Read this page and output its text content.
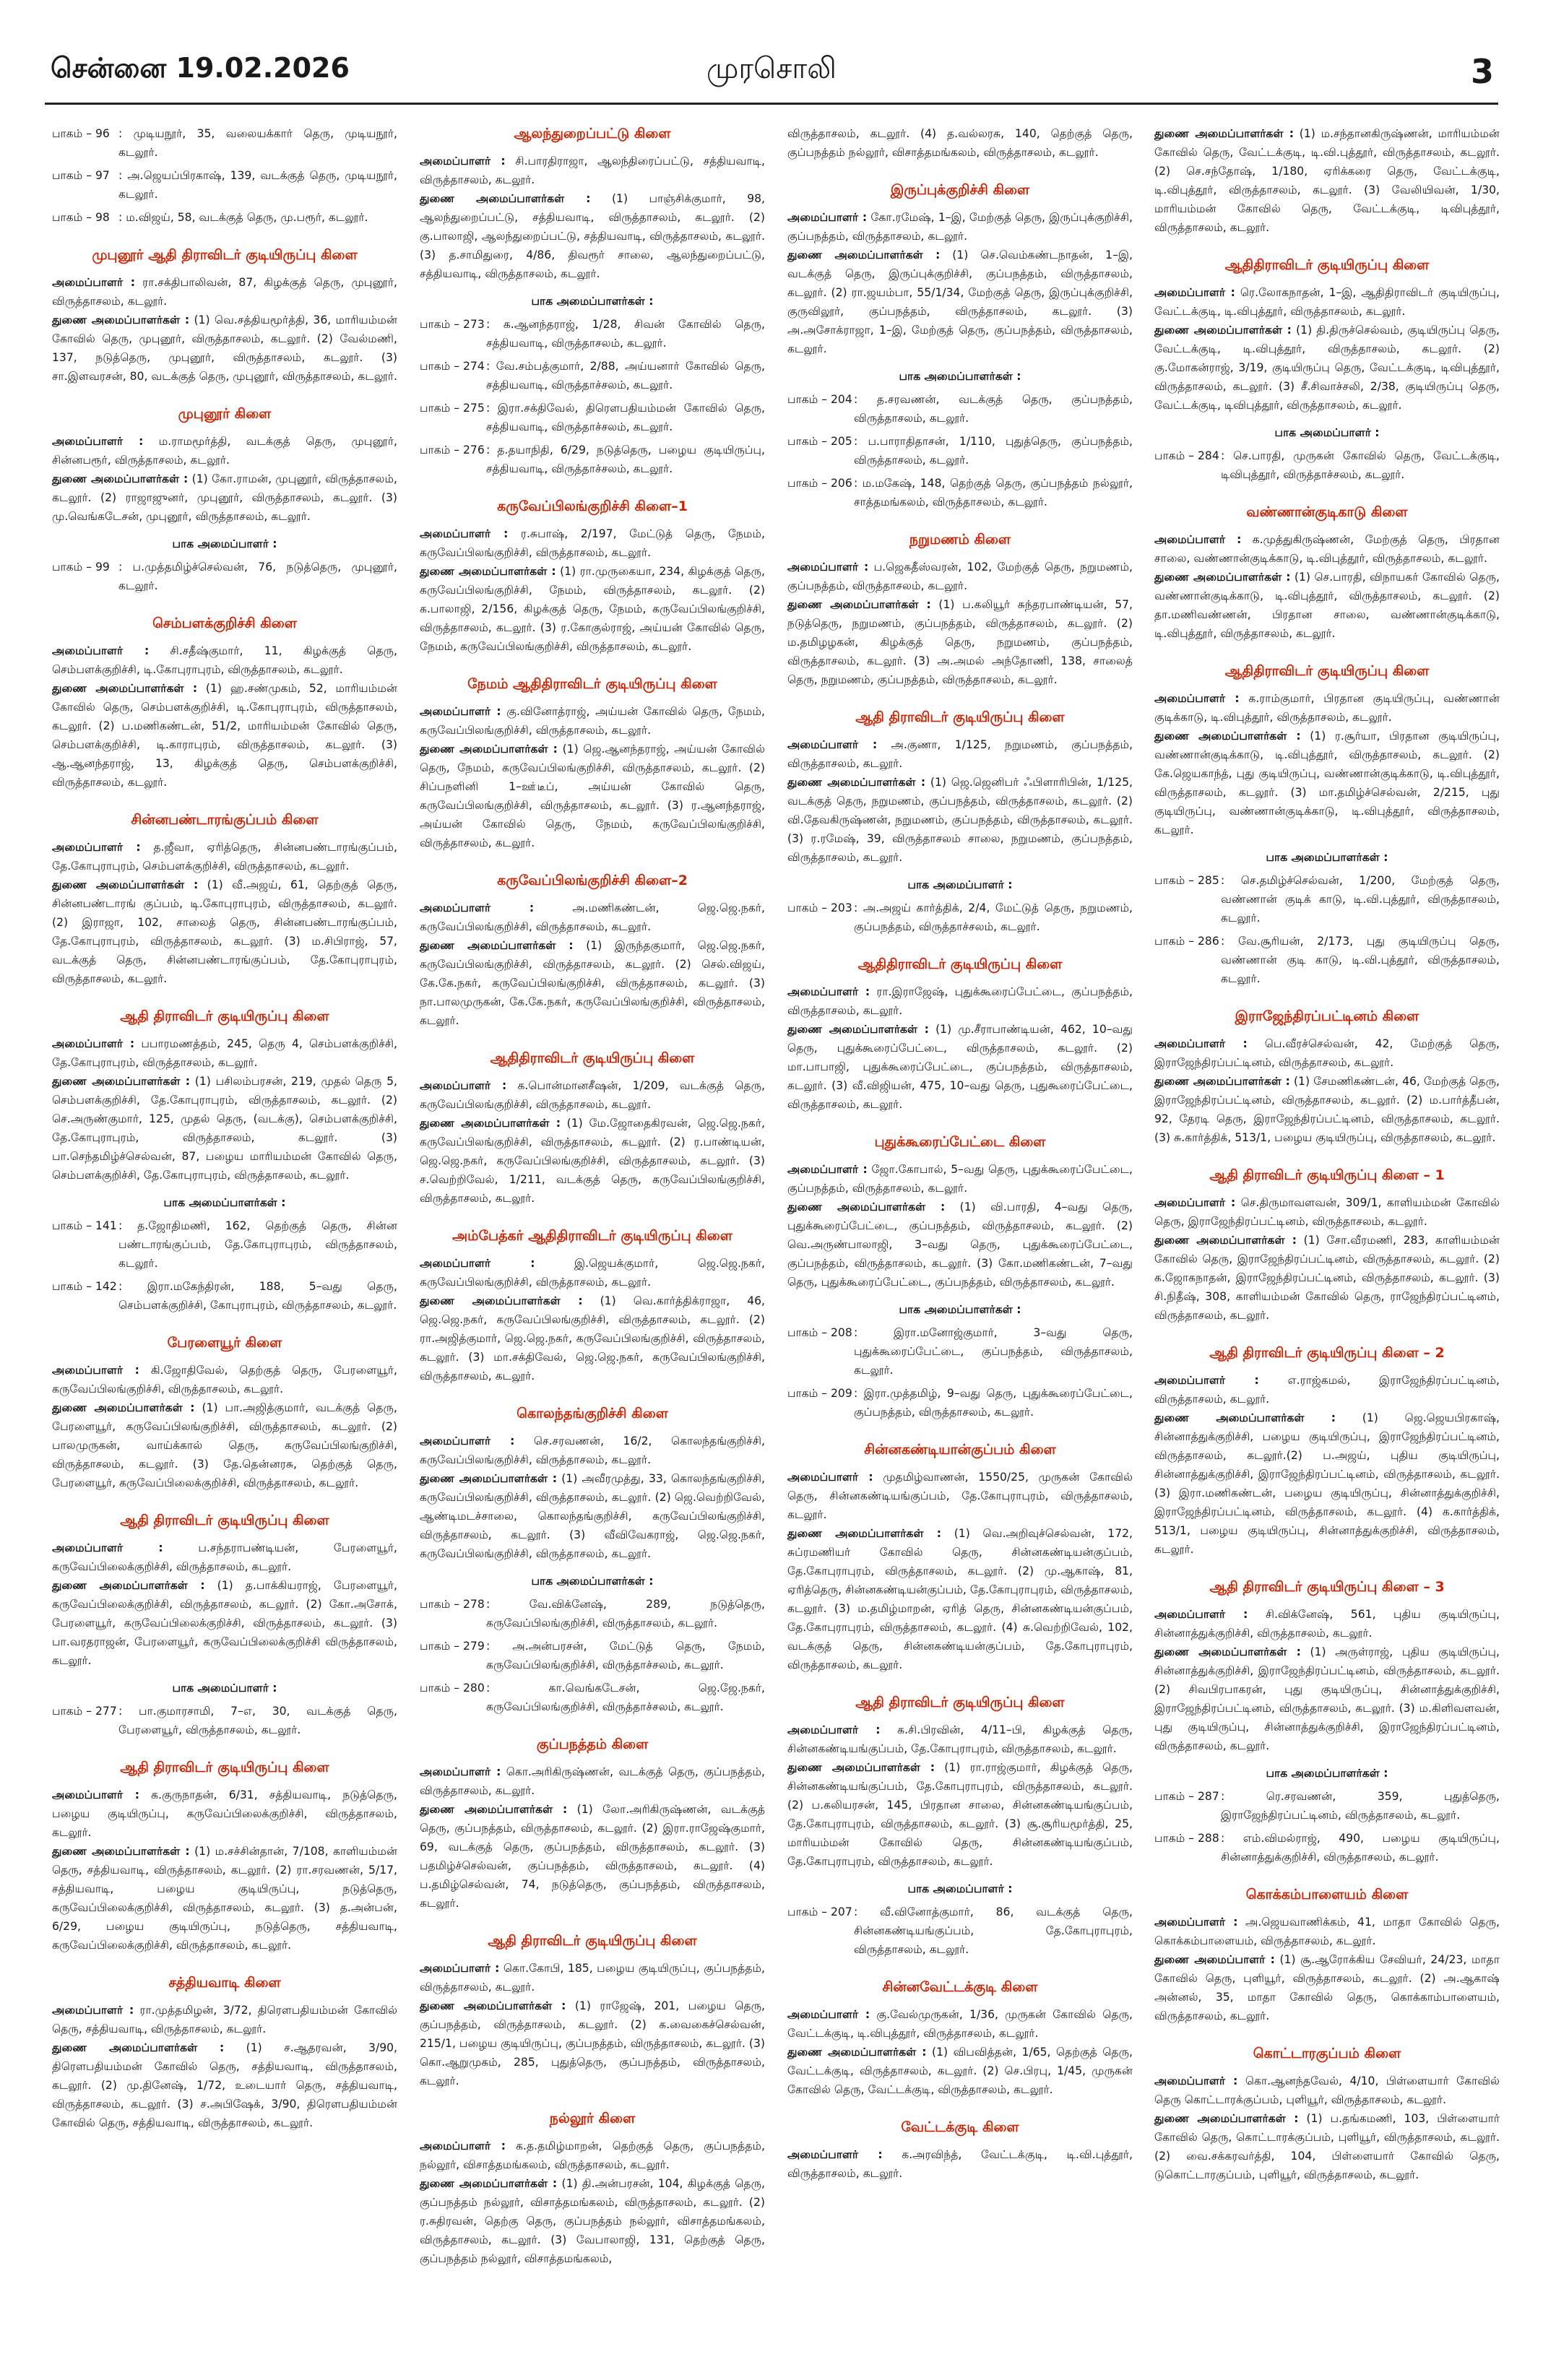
சென்னை 19.02.2026	முரசொலி	3
பாகம் – 96 : முடியநூர், 35, வலையக்கார் தெரு, முடியநூர், கடலூர்.
பாகம் – 97 : அ.ஜெயப்பிரகாஷ், 139, வடக்குத் தெரு, முடியநூர், கடலூர்.
பாகம் – 98 : ம.விஜய், 58, வடக்குத் தெரு, மு.பரூர், கடலூர்.
முபுனூர் ஆதி திராவிடர் குடியிருப்பு கிளை

அமைப்பாளர் : ரா.சக்திபாலிவன், 87, கிழக்குத் தெரு, முபுனூர், விருத்தாசலம், கடலூர்.

துணை அமைப்பாளர்கள் : (1) வெ.சத்தியமூர்த்தி, 36, மாரியம்மன் கோவில் தெரு, முபுனூர், விருத்தாசலம், கடலூர். (2) வேல்மணி, 137, நடுத்தெரு, முபுனூர், விருத்தாசலம், கடலூர். (3) சா.இளவரசன், 80, வடக்குத் தெரு, முபுனூர், விருத்தாசலம், கடலூர்.

முபுனூர் கிளை

அமைப்பாளர் : ம.ராமமூர்த்தி, வடக்குத் தெரு, முபுனூர், சின்னபரூர், விருத்தாசலம், கடலூர்.

துணை அமைப்பாளர்கள் : (1) கோ.ராமன், முபுனூர், விருத்தாசலம், கடலூர். (2) ராஜாஜுனர், முபுனூர், விருத்தாசலம், கடலூர். (3) மு.வெங்கடேசன், முபுனூர், விருத்தாசலம், கடலூர்.

பாக அமைப்பாளர் :
பாகம் – 99 : ப.முத்தமிழ்ச்செல்வன், 76, நடுத்தெரு, முபுனூர், கடலூர்.
செம்பளக்குறிச்சி கிளை

அமைப்பாளர் : சி.சதீஷ்குமார், 11, கிழக்குத் தெரு, செம்பளக்குறிச்சி, டி.கோபுராபுரம், விருத்தாசலம், கடலூர்.

துணை அமைப்பாளர்கள் : (1) ஹ.சண்முகம், 52, மாரியம்மன் கோவில் தெரு, செம்பளக்குறிச்சி, டி.கோபுராபுரம், விருத்தாசலம், கடலூர். (2) ப.மணிகண்டன், 51/2, மாரியம்மன் கோவில் தெரு, செம்பளக்குறிச்சி, டி.காராபுரம், விருத்தாசலம், கடலூர். (3) ஆ.ஆனந்தராஜ், 13, கிழக்குத் தெரு, செம்பளக்குறிச்சி, விருத்தாசலம், கடலூர்.

சின்னபண்டாரங்குப்பம் கிளை

அமைப்பாளர் : த.ஜீவா, ஏரித்தெரு, சின்னபண்டாரங்குப்பம், தே.கோபுராபுரம், செம்பளக்குறிச்சி, விருத்தாசலம், கடலூர்.

துணை அமைப்பாளர்கள் : (1) வீ.அஜய், 61, தெற்குத் தெரு, சின்னபண்டாரங் குப்பம், டி.கோபுராபுரம், விருத்தாசலம், கடலூர். (2) இராஜா, 102, சாலைத் தெரு, சின்னபண்டாரங்குப்பம், தே.கோபுராபுரம், விருத்தாசலம், கடலூர். (3) ம.சிபிராஜ், 57, வடக்குத் தெரு, சின்னபண்டாரங்குப்பம், தே.கோபுராபுரம், விருத்தாசலம், கடலூர்.

ஆதி திராவிடர் குடியிருப்பு கிளை

அமைப்பாளர் : பபாரமணத்தம், 245, தெரு 4, செம்பளக்குறிச்சி, தே.கோபுராபுரம், விருத்தாசலம், கடலூர்.

துணை அமைப்பாளர்கள் : (1) பசிலம்பரசன், 219, முதல் தெரு 5, செம்பளக்குறிச்சி, தே.கோபுராபுரம், விருத்தாசலம், கடலூர். (2) செ.அருண்குமார், 125, முதல் தெரு, (வடக்கு), செம்பளக்குறிச்சி, தே.கோபுராபுரம், விருத்தாசலம், கடலூர். (3) பா.செந்தமிழ்ச்செல்வன், 87, பழைய மாரியம்மன் கோவில் தெரு, செம்பளக்குறிச்சி, தே.கோபுராபுரம், விருத்தாசலம், கடலூர்.

பாக அமைப்பாளர்கள் :
பாகம் – 141 : த.ஜோதிமணி, 162, தெற்குத் தெரு, சின்ன பண்டாரங்குப்பம், தே.கோபுராபுரம், விருத்தாசலம், கடலூர்.
பாகம் – 142 : இரா.மகேந்திரன், 188, 5–வது தெரு, செம்பளக்குறிச்சி, கோபுராபுரம், விருத்தாசலம், கடலூர்.
பேரளையூர் கிளை

அமைப்பாளர் : கி.ஜோதிவேல், தெற்குத் தெரு, பேரளையூர், கருவேப்பிலங்குறிச்சி, விருத்தாசலம், கடலூர்.

துணை அமைப்பாளர்கள் : (1) பா.அஜித்குமார், வடக்குத் தெரு, பேரளையூர், கருவேப்பிலங்குறிச்சி, விருத்தாசலம், கடலூர். (2) பாலமுருகன், வாய்க்கால் தெரு, கருவேப்பிலங்குறிச்சி, விருத்தாசலம், கடலூர். (3) தே.தென்னரசு, தெற்குத் தெரு, பேரளையூர், கருவேப்பிலைக்குறிச்சி, விருத்தாசலம், கடலூர்.

ஆதி திராவிடர் குடியிருப்பு கிளை

அமைப்பாளர் :	ப.சந்தராபண்டியன், பேரளையூர், கருவேப்பிலைக்குறிச்சி, விருத்தாசலம், கடலூர்.

துணை அமைப்பாளர்கள் : (1) த.பாக்கியராஜ், பேரளையூர், கருவேப்பிலைக்குறிச்சி, விருத்தாசலம், கடலூர். (2) கோ.அசோக், பேரளையூர், கருவேப்பிலைக்குறிச்சி, விருத்தாசலம், கடலூர். (3) பா.வரதராஜன், பேரளையூர், கருவேப்பிலைக்குறிச்சி விருத்தாசலம், கடலூர்.

பாக அமைப்பாளர் :
பாகம் – 277 : பா.குமாரசாமி, 7–எ, 30, வடக்குத் தெரு, பேரளையூர், விருத்தாசலம், கடலூர்.
ஆதி திராவிடர் குடியிருப்பு கிளை

அமைப்பாளர் : க.குருநாதன், 6/31, சத்தியவாடி, நடுத்தெரு, பழைய குடியிருப்பு, கருவேப்பிலைக்குறிச்சி, விருத்தாசலம், கடலூர்.

துணை அமைப்பாளர்கள் : (1) ம.சச்சின்தான், 7/108, காளியம்மன் தெரு, சத்தியவாடி, விருத்தாசலம், கடலூர். (2) ரா.சரவணன், 5/17, சத்தியவாடி, பழைய குடியிருப்பு, நடுத்தெரு, கருவேப்பிலைக்குறிச்சி, விருத்தாசலம், கடலூர். (3) த.அன்பன், 6/29, பழைய குடியிருப்பு, நடுத்தெரு, சத்தியவாடி, கருவேப்பிலைக்குறிச்சி, விருத்தாசலம், கடலூர்.

சத்தியவாடி கிளை

அமைப்பாளர் : ரா.முத்தமிழன், 3/72, திரௌபதியம்மன் கோவில் தெரு, சத்தியவாடி, விருத்தாசலம், கடலூர்.

துணை அமைப்பாளர்கள் : (1) ச.ஆதரவன், 3/90, திரௌபதியம்மன் கோவில் தெரு, சத்தியவாடி, விருத்தாசலம், கடலூர். (2) மு.தினேஷ், 1/72, உடையார் தெரு, சத்தியவாடி, விருத்தாசலம், கடலூர். (3) ச.அபிஷேக், 3/90, திரௌபதியம்மன் கோவில் தெரு, சத்தியவாடி, விருத்தாசலம், கடலூர்.

ஆலந்துறைப்பட்டு கிளை

அமைப்பாளர் : சி.பாரதிராஜா, ஆலந்திரைப்பட்டு, சத்தியவாடி, விருத்தாசலம், கடலூர்.

துணை அமைப்பாளர்கள் : (1) பாஞ்சிக்குமார், 98, ஆலந்துறைப்பட்டு, சத்தியவாடி, விருத்தாசலம், கடலூர். (2) கு.பாலாஜி, ஆலந்துறைப்பட்டு, சத்தியவாடி, விருத்தாசலம், கடலூர். (3) த.சாமிதுரை, 4/86, திவரூர் சாலை, ஆலந்துறைப்பட்டு, சத்தியவாடி, விருத்தாசலம், கடலூர்.

பாக அமைப்பாளர்கள் :
பாகம் – 273 : க.ஆனந்தராஜ், 1/28, சிவன் கோவில் தெரு, சத்தியவாடி, விருத்தாசலம், கடலூர்.
பாகம் – 274 : வே.சம்பத்குமார், 2/88, அய்யனார் கோவில் தெரு, சத்தியவாடி, விருத்தாச்சலம், கடலூர்.
பாகம் – 275 : இரா.சக்திவேல், திரௌபதியம்மன் கோவில் தெரு, சத்தியவாடி, விருத்தாச்சலம், கடலூர்.
பாகம் – 276 : த.தயாநிதி, 6/29, நடுத்தெரு, பழைய குடியிருப்பு, சத்தியவாடி, விருத்தாச்சலம், கடலூர்.
கருவேப்பிலங்குறிச்சி கிளை–1

அமைப்பாளர் : ர.சுபாஷ், 2/197, மேட்டுத் தெரு, நேமம், கருவேப்பிலங்குறிச்சி, விருத்தாசலம், கடலூர்.

துணை அமைப்பாளர்கள் : (1) ரா.முருகையா, 234, கிழக்குத் தெரு, கருவேப்பிலங்குறிச்சி, நேமம், விருத்தாசலம், கடலூர். (2) க.பாலாஜி, 2/156, கிழக்குத் தெரு, நேமம், கருவேப்பிலங்குறிச்சி, விருத்தாசலம், கடலூர். (3) ர.கோகுல்ராஜ், அய்யன் கோவில் தெரு, நேமம், கருவேப்பிலங்குறிச்சி, விருத்தாசலம், கடலூர்.

நேமம் ஆதிதிராவிடர் குடியிருப்பு கிளை

அமைப்பாளர் : கு.வினோத்ராஜ், அய்யன் கோவில் தெரு, நேமம், கருவேப்பிலங்குறிச்சி, விருத்தாசலம், கடலூர்.

துணை அமைப்பாளர்கள் : (1) ஜெ.ஆனந்தராஜ், அய்யன் கோவில் தெரு, நேமம், கருவேப்பிலங்குறிச்சி, விருத்தாசலம், கடலூர். (2) சிப்பநளினி 1–ஊ்டீப், அய்யன் கோவில் தெரு, கருவேப்பிலங்குறிச்சி, விருத்தாசலம், கடலூர். (3) ர.ஆனந்தராஜ், அய்யன் கோவில் தெரு, நேமம், கருவேப்பிலங்குறிச்சி, விருத்தாசலம், கடலூர்.

கருவேப்பிலங்குறிச்சி கிளை–2

அமைப்பாளர் :	அ.மணிகண்டன், ஜெ.ஜெ.நகர், கருவேப்பிலங்குறிச்சி, விருத்தாசலம், கடலூர்.

துணை அமைப்பாளர்கள் : (1) இருந்தகுமார், ஜெ.ஜெ.நகர், கருவேப்பிலங்குறிச்சி, விருத்தாசலம், கடலூர். (2) செல்.விஜய், கே.கே.நகர், கருவேப்பிலங்குறிச்சி, விருத்தாசலம், கடலூர். (3) நா.பாலமுருகன், கே.கே.நகர், கருவேப்பிலங்குறிச்சி, விருத்தாசலம், கடலூர்.

ஆதிதிராவிடர் குடியிருப்பு கிளை

அமைப்பாளர் : க.பொன்மானசீஷன், 1/209, வடக்குத் தெரு, கருவேப்பிலங்குறிச்சி, விருத்தாசலம், கடலூர்.

துணை அமைப்பாளர்கள் : (1) மே.ஜோதைகிரவன், ஜெ.ஜெ.நகர், கருவேப்பிலங்குறிச்சி, விருத்தாசலம், கடலூர். (2) ர.பாண்டியன், ஜெ.ஜெ.நகர், கருவேப்பிலங்குறிச்சி, விருத்தாசலம், கடலூர். (3) ச.வெற்றிவேல், 1/211, வடக்குத் தெரு, கருவேப்பிலங்குறிச்சி, விருத்தாசலம், கடலூர்.

அம்பேத்கர் ஆதிதிராவிடர் குடியிருப்பு கிளை

அமைப்பாளர் :	இ.ஜெயக்குமார், ஜெ.ஜெ.நகர், கருவேப்பிலங்குறிச்சி, விருத்தாசலம், கடலூர்.

துணை அமைப்பாளர்கள் : (1) வெ.கார்த்திக்ராஜா, 46, ஜெ.ஜெ.நகர், கருவேப்பிலங்குறிச்சி, விருத்தாசலம், கடலூர். (2) ரா.அஜித்குமார், ஜெ.ஜெ.நகர், கருவேப்பிலங்குறிச்சி, விருத்தாசலம், கடலூர். (3) மா.சக்திவேல், ஜெ.ஜெ.நகர், கருவேப்பிலங்குறிச்சி, விருத்தாசலம், கடலூர்.

கொலந்தங்குறிச்சி கிளை

அமைப்பாளர் : செ.சரவணன், 16/2, கொலந்தங்குறிச்சி, கருவேப்பிலங்குறிச்சி, விருத்தாசலம், கடலூர்.

துணை அமைப்பாளர்கள் : (1) அவீரமுத்து, 33, கொலந்தங்குறிச்சி, கருவேப்பிலங்குறிச்சி, விருத்தாசலம், கடலூர். (2) ஜெ.வெற்றிவேல், ஆண்டிமடச்சாலை, கொலந்தங்குறிச்சி, கருவேப்பிலங்குறிச்சி, விருத்தாசலம், கடலூர். (3) வீவிவேகராஜ், ஜெ.ஜெ.நகர், கருவேப்பிலங்குறிச்சி, விருத்தாசலம், கடலூர்.

பாக அமைப்பாளர்கள் :
பாகம் – 278 : வே.விக்னேஷ், 289, நடுத்தெரு, கருவேப்பிலங்குறிச்சி, விருத்தாசலம், கடலூர்.
பாகம் – 279 : அ.அன்பரசன், மேட்டுத் தெரு, நேமம், கருவேப்பிலங்குறிச்சி, விருத்தாச்சலம், கடலூர்.
பாகம் – 280 : கா.வெங்கடேசன், ஜெ.ஜே.நகர், கருவேப்பிலங்குறிச்சி, விருத்தாச்சலம், கடலூர்.
குப்பநத்தம் கிளை

அமைப்பாளர் : கொ.அரிகிருஷ்ணன், வடக்குத் தெரு, குப்பநத்தம், விருத்தாசலம், கடலூர்.

துணை அமைப்பாளர்கள் : (1) லோ.அரிகிருஷ்ணன், வடக்குத் தெரு, குப்பநத்தம், விருத்தாசலம், கடலூர். (2) இரா.ராஜேஷ்குமார், 69, வடக்குத் தெரு, குப்பநத்தம், விருத்தாசலம், கடலூர். (3) பதமிழ்ச்செல்வன், குப்பநத்தம், விருத்தாசலம், கடலூர். (4) ப.தமிழ்செல்வன், 74, நடுத்தெரு, குப்பநத்தம், விருத்தாசலம், கடலூர்.

ஆதி திராவிடர் குடியிருப்பு கிளை

அமைப்பாளர் : கொ.கோபி, 185, பழைய குடியிருப்பு, குப்பநத்தம், விருத்தாசலம், கடலூர்.

துணை அமைப்பாளர்கள் : (1) ராஜேஷ், 201, பழைய தெரு, குப்பநத்தம், விருத்தாசலம், கடலூர். (2) க.வைகைச்செல்வன், 215/1, பழைய குடியிருப்பு, குப்பநத்தம், விருத்தாசலம், கடலூர். (3) கொ.ஆறுமுகம், 285, புதுத்தெரு, குப்பநத்தம், விருத்தாசலம், கடலூர்.

நல்லூர் கிளை

அமைப்பாளர் : க.த.தமிழ்மாறன், தெற்குத் தெரு, குப்பநத்தம், நல்லூர், விசாத்தமங்கலம், விருத்தாசலம், கடலூர்.

துணை அமைப்பாளர்கள் : (1) தி.அன்பரசன், 104, கிழக்குத் தெரு, குப்பநத்தம் நல்லூர், விசாத்தமங்கலம், விருத்தாசலம், கடலூர். (2) ர.சுதிரவன், தெற்கு தெரு, குப்பநத்தம் நல்லூர், விசாத்தமங்கலம், விருத்தாசலம், கடலூர். (3) வேபாலாஜி, 131, தெற்குத் தெரு, குப்பநத்தம் நல்லூர், விசாத்தமங்கலம்,

விருத்தாசலம், கடலூர். (4) த.வல்லரசு, 140, தெற்குத் தெரு, குப்பநத்தம் நல்லூர், விசாத்தமங்கலம், விருத்தாசலம், கடலூர்.

இருப்புக்குறிச்சி கிளை

அமைப்பாளர் : கோ.ரமேஷ், 1–இ, மேற்குத் தெரு, இருப்புக்குறிச்சி, குப்பநத்தம், விருத்தாசலம், கடலூர்.

துணை அமைப்பாளர்கள் : (1) செ.வெம்கண்டநாதன், 1–இ, வடக்குத் தெரு, இருப்புக்குறிச்சி, குப்பநத்தம், விருத்தாசலம், கடலூர். (2) ரா.ஜயம்பா, 55/1/34, மேற்குத் தெரு, இருப்புக்குறிச்சி, குருவிலூர், குப்பநத்தம், விருத்தாசலம், கடலூர். (3) அ.அசோக்ராஜா, 1–இ, மேற்குத் தெரு, குப்பநத்தம், விருத்தாசலம், கடலூர்.

பாக அமைப்பாளர்கள் :
பாகம் – 204 : த.சரவணன், வடக்குத் தெரு, குப்பநத்தம், விருத்தாசலம், கடலூர்.
பாகம் – 205 : ப.பாராதிதாசன், 1/110, புதுத்தெரு, குப்பநத்தம், விருத்தாசலம், கடலூர்.
பாகம் – 206 : ம.மகேஷ், 148, தெற்குத் தெரு, குப்பநத்தம் நல்லூர், சாத்தமங்கலம், விருத்தாசலம், கடலூர்.
நறுமணம் கிளை

அமைப்பாளர் : ப.ஜெகதீஸ்வரன், 102, மேற்குத் தெரு, நறுமணம், குப்பநத்தம், விருத்தாசலம், கடலூர்.

துணை அமைப்பாளர்கள் : (1) ப.கலியூர் சுந்தரபாண்டியன், 57, நடுத்தெரு, நறுமணம், குப்பநத்தம், விருத்தாசலம், கடலூர். (2) ம.தமிழழகன், கிழக்குத் தெரு, நறுமணம், குப்பநத்தம், விருத்தாசலம், கடலூர். (3) அ.அமல் அந்தோணி, 138, சாலைத் தெரு, நறுமணம், குப்பநத்தம், விருத்தாசலம், கடலூர்.

ஆதி திராவிடர் குடியிருப்பு கிளை

அமைப்பாளர் : அ.குணா, 1/125, நறுமணம், குப்பநத்தம், விருத்தாசலம், கடலூர்.

துணை அமைப்பாளர்கள் : (1) ஜெ.ஜெனிபர் ஃபிளாரிபின், 1/125, வடக்குத் தெரு, நறுமணம், குப்பநத்தம், விருத்தாசலம், கடலூர். (2) வி.தேவகிருஷ்ணன், நறுமணம், குப்பநத்தம், விருத்தாசலம், கடலூர். (3) ர.ரமேஷ், 39, விருத்தாசலம் சாலை, நறுமணம், குப்பநத்தம், விருத்தாசலம், கடலூர்.

பாக அமைப்பாளர் :
பாகம் – 203 : அ.அஜய் கார்த்திக், 2/4, மேட்டுத் தெரு, நறுமணம், குப்பநத்தம், விருத்தாச்சலம், கடலூர்.
ஆதிதிராவிடர் குடியிருப்பு கிளை

அமைப்பாளர் : ரா.இராஜேஷ், புதுக்கூரைப்பேட்டை, குப்பநத்தம், விருத்தாசலம், கடலூர்.

துணை அமைப்பாளர்கள் : (1) மு.சீராபாண்டியன், 462, 10–வது தெரு, புதுக்கூரைப்பேட்டை, விருத்தாசலம், கடலூர். (2) மா.பாபாஜி, புதுக்கூரைப்பேட்டை, குப்பநத்தம், விருத்தாசலம், கடலூர். (3) வீ.விஜியன், 475, 10–வது தெரு, புதுகூரைப்பேட்டை, விருத்தாசலம், கடலூர்.

புதுக்கூரைப்பேட்டை கிளை

அமைப்பாளர் : ஜோ.கோபால், 5–வது தெரு, புதுக்கூரைப்பேட்டை, குப்பநத்தம், விருத்தாசலம், கடலூர்.

துணை அமைப்பாளர்கள் : (1) வி.பாரதி, 4–வது தெரு, புதுக்கூரைப்பேட்டை, குப்பநத்தம், விருத்தாசலம், கடலூர். (2) வெ.அருண்பாலாஜி, 3–வது தெரு, புதுக்கூரைப்பேட்டை, குப்பநத்தம், விருத்தாசலம், கடலூர். (3) கோ.மணிகண்டன், 7–வது தெரு, புதுக்கூரைப்பேட்டை, குப்பநத்தம், விருத்தாசலம், கடலூர்.

பாக அமைப்பாளர்கள் :
பாகம் – 208 : இரா.மனோஜ்குமார், 3–வது தெரு, புதுக்கூரைப்பேட்டை, குப்பநத்தம், விருத்தாசலம், கடலூர்.
பாகம் – 209 : இரா.முத்தமிழ், 9–வது தெரு, புதுக்கூரைப்பேட்டை, குப்பநத்தம், விருத்தாசலம், கடலூர்.
சின்னகண்டியான்குப்பம் கிளை

அமைப்பாளர் : முதமிழ்வாணன், 1550/25, முருகன் கோவில் தெரு, சின்னகண்டியங்குப்பம், தே.கோபுராபுரம், விருத்தாசலம், கடலூர்.

துணை அமைப்பாளர்கள் : (1) வெ.அறிவுச்செல்வன், 172, சுப்ரமணியர் கோவில் தெரு, சின்னகண்டியன்குப்பம், தே.கோபுராபுரம், விருத்தாசலம், கடலூர். (2) மு.ஆகாஷ், 81, ஏரித்தெரு, சின்னகண்டியன்குப்பம், தே.கோபுராபுரம், விருத்தாசலம், கடலூர். (3) ம.தமிழ்மாறன், ஏரித் தெரு, சின்னகண்டியன்குப்பம், தே.கோபுராபுரம், விருத்தாசலம், கடலூர். (4) சு.வெற்றிவேல், 102, வடக்குத் தெரு, சின்னகண்டியன்குப்பம், தே.கோபுராபுரம், விருத்தாசலம், கடலூர்.

ஆதி திராவிடர் குடியிருப்பு கிளை

அமைப்பாளர் : க.சி.பிரவின், 4/11–பி, கிழக்குத் தெரு, சின்னகண்டியங்குப்பம், தே.கோபுராபுரம், விருத்தாசலம், கடலூர்.

துணை அமைப்பாளர்கள் : (1) ரா.ராஜ்குமார், கிழக்குத் தெரு, சின்னகண்டியங்குப்பம், தே.கோபுராபுரம், விருத்தாசலம், கடலூர். (2) ப.கலியரசன், 145, பிரதான சாலை, சின்னகண்டியங்குப்பம், தே.கோபுராபுரம், விருத்தாசலம், கடலூர். (3) சூ.சூரியமூர்த்தி, 25, மாரியம்மன் கோவில் தெரு, சின்னகண்டியங்குப்பம், தே.கோபுராபுரம், விருத்தாசலம், கடலூர்.

பாக அமைப்பாளர் :
பாகம் – 207 : வீ.வினோத்குமார், 86, வடக்குத் தெரு, சின்னகண்டியங்குப்பம், தே.கோபுராபுரம், விருத்தாசலம், கடலூர்.
சின்னவேட்டக்குடி கிளை

அமைப்பாளர் : கு.வேல்முருகன், 1/36, முருகன் கோவில் தெரு, வேட்டக்குடி, டி.விபுத்தூர், விருத்தாசலம், கடலூர்.

துணை அமைப்பாளர்கள் : (1) விபவித்தன், 1/65, தெற்குத் தெரு, வேட்டக்குடி, விருத்தாசலம், கடலூர். (2) செ.பிரபு, 1/45, முருகன் கோவில் தெரு, வேட்டக்குடி, விருத்தாசலம், கடலூர்.

வேட்டக்குடி கிளை

அமைப்பாளர் : க.அரவிந்த், வேட்டக்குடி, டி.வி.புத்தூர், விருத்தாசலம், கடலூர்.

துணை அமைப்பாளர்கள் : (1) ம.சந்தானகிருஷ்ணன், மாரியம்மன் கோவில் தெரு, வேட்டக்குடி, டி.வி.புத்தூர், விருத்தாசலம், கடலூர். (2) செ.சந்தோஷ், 1/180, ஏரிக்கரை தெரு, வேட்டக்குடி, டி.விபுத்தூர், விருத்தாசலம், கடலூர். (3) வேலியிவன், 1/30, மாரியம்மன் கோவில் தெரு, வேட்டக்குடி, டிவிபுத்தூர், விருத்தாசலம், கடலூர்.

ஆதிதிராவிடர் குடியிருப்பு கிளை

அமைப்பாளர் : ரெ.லோகநாதன், 1–இ, ஆதிதிராவிடர் குடியிருப்பு, வேட்டக்குடி, டி.விபுத்தூர், விருத்தாசலம், கடலூர்.

துணை அமைப்பாளர்கள் : (1) தி.திருச்செல்வம், குடியிருப்பு தெரு, வேட்டக்குடி, டி.விபுத்தூர், விருத்தாசலம், கடலூர். (2) கு.மோகன்ராஜ், 3/19, குடியிருப்பு தெரு, வேட்டக்குடி, டிவிபுத்தூர், விருத்தாசலம், கடலூர். (3) சீ.சிவாச்சலி, 2/38, குடியிருப்பு தெரு, வேட்டக்குடி, டிவிபுத்தூர், விருத்தாசலம், கடலூர்.

பாக அமைப்பாளர் :
பாகம் – 284 : செ.பாரதி, முருகன் கோவில் தெரு, வேட்டக்குடி, டிவிபுத்தூர், விருத்தாச்சலம், கடலூர்.
வண்ணான்குடிகாடு கிளை

அமைப்பாளர் : க.முத்துகிருஷ்ணன், மேற்குத் தெரு, பிரதான சாலை, வண்ணான்குடிக்காடு, டி.விபுத்தூர், விருத்தாசலம், கடலூர்.

துணை அமைப்பாளர்கள் : (1) செ.பாரதி, விநாயகர் கோவில் தெரு, வண்ணான்குடிக்காடு, டி.விபுத்தூர், விருத்தாசலம், கடலூர். (2) தா.மணிவண்ணன், பிரதான சாலை, வண்ணான்குடிக்காடு, டி.விபுத்தூர், விருத்தாசலம், கடலூர்.

ஆதிதிராவிடர் குடியிருப்பு கிளை

அமைப்பாளர் : க.ராம்குமார், பிரதான குடியிருப்பு, வண்ணான் குடிக்காடு, டி.விபுத்தூர், விருத்தாசலம், கடலூர்.

துணை அமைப்பாளர்கள் : (1) ர.சூர்யா, பிரதான குடியிருப்பு, வண்ணான்குடிக்காடு, டி.விபுத்தூர், விருத்தாசலம், கடலூர். (2) கே.ஜெயகாந்த், புது குடியிருப்பு, வண்ணான்குடிக்காடு, டி.விபுத்தூர், விருத்தாசலம், கடலூர். (3) மா.தமிழ்ச்செல்வன், 2/215, புது குடியிருப்பு, வண்ணான்குடிக்காடு, டி.விபுத்தூர், விருத்தாசலம், கடலூர்.

பாக அமைப்பாளர்கள் :
பாகம் – 285 : செ.தமிழ்ச்செல்வன், 1/200, மேற்குத் தெரு, வண்ணான் குடிக் காடு, டி.வி.புத்தூர், விருத்தாசலம், கடலூர்.
பாகம் – 286 : வே.சூரியன், 2/173, புது குடியிருப்பு தெரு, வண்ணான் குடி காடு, டி.வி.புத்தூர், விருத்தாசலம், கடலூர்.
இராஜேந்திரப்பட்டினம் கிளை

அமைப்பாளர் : பெ.வீரச்செல்வன், 42, மேற்குத் தெரு, இராஜேந்திரப்பட்டினம், விருத்தாசலம், கடலூர்.

துணை அமைப்பாளர்கள் : (1) சேமணிகண்டன், 46, மேற்குத் தெரு, இராஜேந்திரப்பட்டினம், விருத்தாசலம், கடலூர். (2) ம.பார்த்தீபன், 92, தேரடி தெரு, இராஜேந்திரப்பட்டினம், விருத்தாசலம், கடலூர். (3) சு.கார்த்திக், 513/1, பழைய குடியிருப்பு, விருத்தாசலம், கடலூர்.

ஆதி திராவிடர் குடியிருப்பு கிளை – 1

அமைப்பாளர் : செ.திருமாவளவன், 309/1, காளியம்மன் கோவில் தெரு, இராஜேந்திரப்பட்டினம், விருத்தாசலம், கடலூர்.

துணை அமைப்பாளர்கள் : (1) சோ.வீரமணி, 283, காளியம்மன் கோவில் தெரு, இராஜேந்திரப்பட்டினம், விருத்தாசலம், கடலூர். (2) க.ஜோகநாதன், இராஜேந்திரப்பட்டினம், விருத்தாசலம், கடலூர். (3) சி.நிதீஷ், 308, காளியம்மன் கோவில் தெரு, ராஜேந்திரப்பட்டினம், விருத்தாசலம், கடலூர்.

ஆதி திராவிடர் குடியிருப்பு கிளை – 2

அமைப்பாளர் :	எ.ராஜ்கமல், இராஜேந்திரப்பட்டினம், விருத்தாசலம், கடலூர்.

துணை அமைப்பாளர்கள் : (1) ஜெ.ஜெயபிரகாஷ், சின்னாத்துக்குறிச்சி, பழைய குடியிருப்பு, இராஜேந்திரப்பட்டினம், விருத்தாசலம், கடலூர்.(2) ப.அஜய், புதிய குடியிருப்பு, சின்னாத்துக்குறிச்சி, இராஜேந்திரப்பட்டினம், விருத்தாசலம், கடலூர். (3) இரா.மணிகண்டன், பழைய குடியிருப்பு, சின்னாத்துக்குறிச்சி, இராஜேந்திரப்பட்டினம், விருத்தாசலம், கடலூர். (4) க.கார்த்திக், 513/1, பழைய குடியிருப்பு, சின்னாத்துக்குறிச்சி, விருத்தாசலம், கடலூர்.

ஆதி திராவிடர் குடியிருப்பு கிளை – 3

அமைப்பாளர் : சி.விக்னேஷ், 561, புதிய குடியிருப்பு, சின்னாத்துக்குறிச்சி, விருத்தாசலம், கடலூர்.

துணை அமைப்பாளர்கள் : (1) அருள்ராஜ், புதிய குடியிருப்பு, சின்னாத்துக்குறிச்சி, இராஜேந்திரப்பட்டினம், விருத்தாசலம், கடலூர். (2) சிவபிரபாகரன், புது குடியிருப்பு, சின்னாத்துக்குறிச்சி, இராஜேந்திரப்பட்டினம், விருத்தாசலம், கடலூர். (3) ம.கிளிவளவன், புது குடியிருப்பு, சின்னாத்துக்குறிச்சி, இராஜேந்திரப்பட்டினம், விருத்தாசலம், கடலூர்.

பாக அமைப்பாளர்கள் :
பாகம் – 287 : ரெ.சரவணன், 359, புதுத்தெரு, இராஜேந்திரப்பட்டினம், விருத்தாசலம், கடலூர்.
பாகம் – 288 : எம்.விமல்ராஜ், 490, பழைய குடியிருப்பு, சின்னாத்துக்குறிச்சி, விருத்தாசலம், கடலூர்.
கொக்கம்பாளையம் கிளை

அமைப்பாளர் : அ.ஜெயவாணிக்கம், 41, மாதா கோவில் தெரு, கொக்கம்பாளையம், விருத்தாசலம், கடலூர்.

துணை அமைப்பாளர் : (1) சூ.ஆரோக்கிய சேவியர், 24/23, மாதா கோவில் தெரு, புளியூர், விருத்தாசலம், கடலூர். (2) அ.ஆகாஷ் அன்னல், 35, மாதா கோவில் தெரு, கொக்காம்பாளையம், விருத்தாசலம், கடலூர்.

கொட்டாரகுப்பம் கிளை

அமைப்பாளர் : கொ.ஆனந்தவேல், 4/10, பிள்ளையார் கோவில் தெரு கொட்டாரக்குப்பம், புளியூர், விருத்தாசலம், கடலூர்.

துணை அமைப்பாளர்கள் : (1) ப.தங்கமணி, 103, பிள்ளையார் கோவில் தெரு, கொட்டாரக்குப்பம், புளியூர், விருத்தாசலம், கடலூர். (2) வை.சக்கரவர்த்தி, 104, பிள்ளையார் கோவில் தெரு, டுகொட்டாரகுப்பம், புளியூர், விருத்தாசலம், கடலூர்.
